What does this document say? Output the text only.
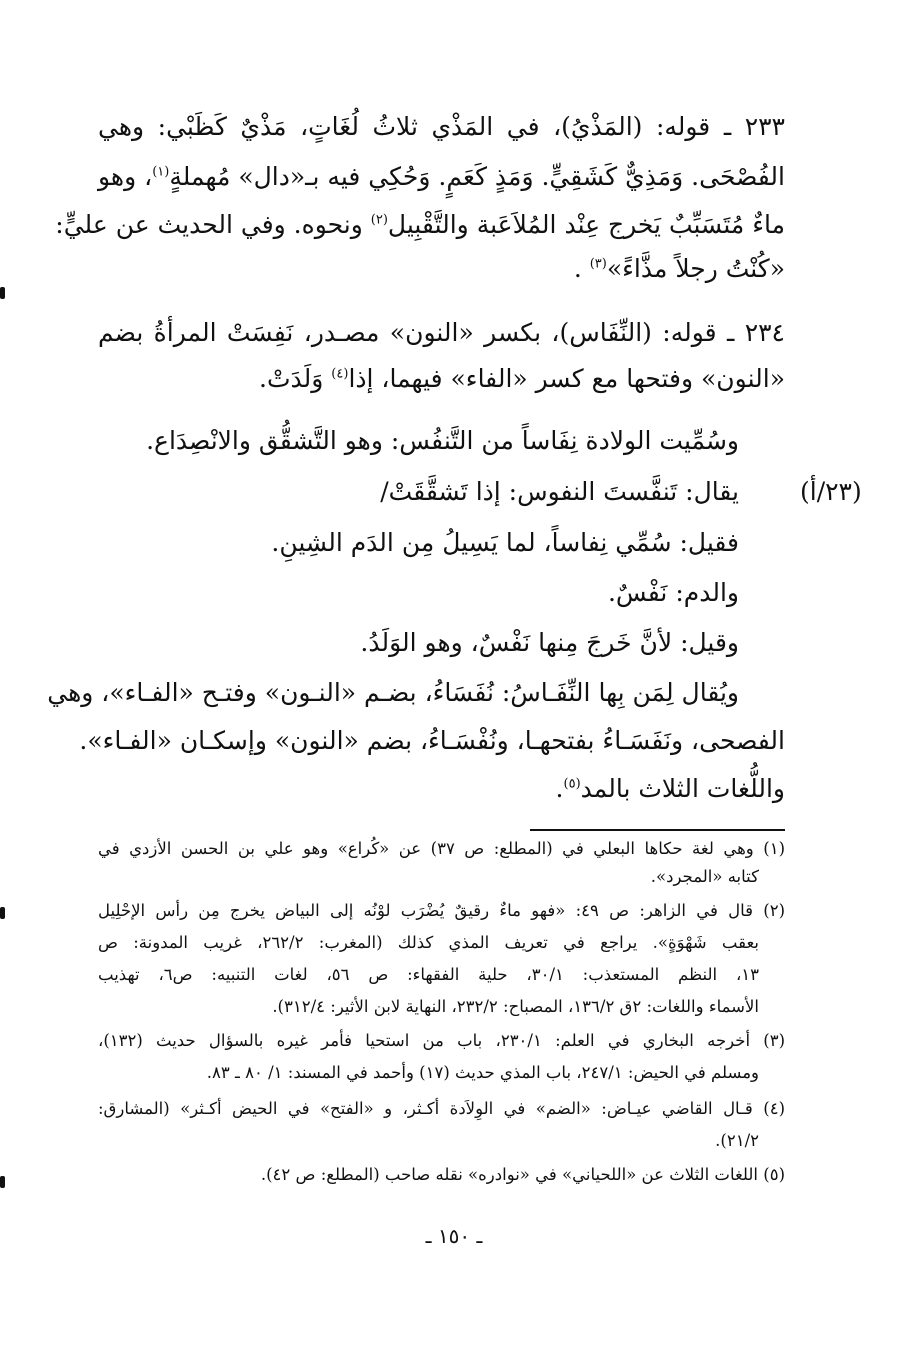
٢٣٣ ـ قوله: (المَذْيُ)، في المَذْي ثلاثُ لُغَاتٍ، مَذْيٌ كَظَبْي: وهي
الفُصْحَى. وَمَذِيٌّ كَشَقِيٍّ. وَمَذٍ كَعَمٍ. وَحُكِي فيه بـ«دال» مُهملةٍ$^{(١)}$، وهو
ماءٌ مُتَسَبِّبٌ يَخرج عِنْد المُلاَعَبة والتَّقْبِيل$^{(٢)}$ ونحوه. وفي الحديث عن عليٍّ:
«كُنْتُ رجلاً مذَّاءً»$^{(٣)}$ .
٢٣٤ ـ قوله: (النِّفَاس)، بكسر «النون» مصـدر، نَفِسَتْ المرأةُ بضم
«النون» وفتحها مع كسر «الفاء» فيهما، إذا$^{(٤)}$ وَلَدَتْ.
وسُمِّيت الولادة نِفَاساً من التَّنفُس: وهو التَّشقُّق والانْصِدَاع.
يقال: تَنفَّستَ النفوس: إذا تَشقَّقَتْ/
فقيل: سُمِّي نِفاساً، لما يَسِيلُ مِن الدَم الشِينِ.
والدم: نَفْسٌ.
وقيل: لأنَّ خَرجَ مِنها نَفْسٌ، وهو الوَلَدُ.
ويُقال لِمَن بِها النِّفَـاسُ: نُفَسَاءُ، بضـم «النـون» وفتـح «الفـاء»، وهي
الفصحى، ونَفَسَـاءُ بفتحهـا، ونُفْسَـاءُ، بضم «النون» وإسكـان «الفـاء».
واللُّغات الثلاث بالمد$^{(٥)}$.
(٢٣/أ)
(١) وهي لغة حكاها البعلي في (المطلع: ص ٣٧) عن «كُراع» وهو علي بن الحسن الأزدي في
كتابه «المجرد».
(٢) قال في الزاهر: ص ٤٩: «فهو ماءٌ رقيقٌ يُضْرَب لوْنُه إلى البياض يخرج مِن رأس الإحْلِيل
بعقب شَهْوَةٍ». يراجع في تعريف المذي كذلك (المغرب: ٢٦٢/٢، غريب المدونة: ص
١٣، النظم المستعذب: ٣٠/١، حلية الفقهاء: ص ٥٦، لغات التنبيه: ص٦، تهذيب
الأسماء واللغات: ٢ق ١٣٦/٢، المصباح: ٢٣٢/٢، النهاية لابن الأثير: ٣١٢/٤).
(٣) أخرجه البخاري في العلم: ٢٣٠/١، باب من استحيا فأمر غيره بالسؤال حديث (١٣٢)،
ومسلم في الحيض: ٢٤٧/١، باب المذي حديث (١٧) وأحمد في المسند: ١/ ٨٠ ـ ٨٣.
(٤) قـال القاضي عيـاض: «الضم» في الوِلاَدة أكـثر، و «الفتح» في الحيض أكـثر» (المشارق:
٢١/٢).
(٥) اللغات الثلاث عن «اللحياني» في «نوادره» نقله صاحب (المطلع: ص ٤٢).
ـ ١٥٠ ـ
